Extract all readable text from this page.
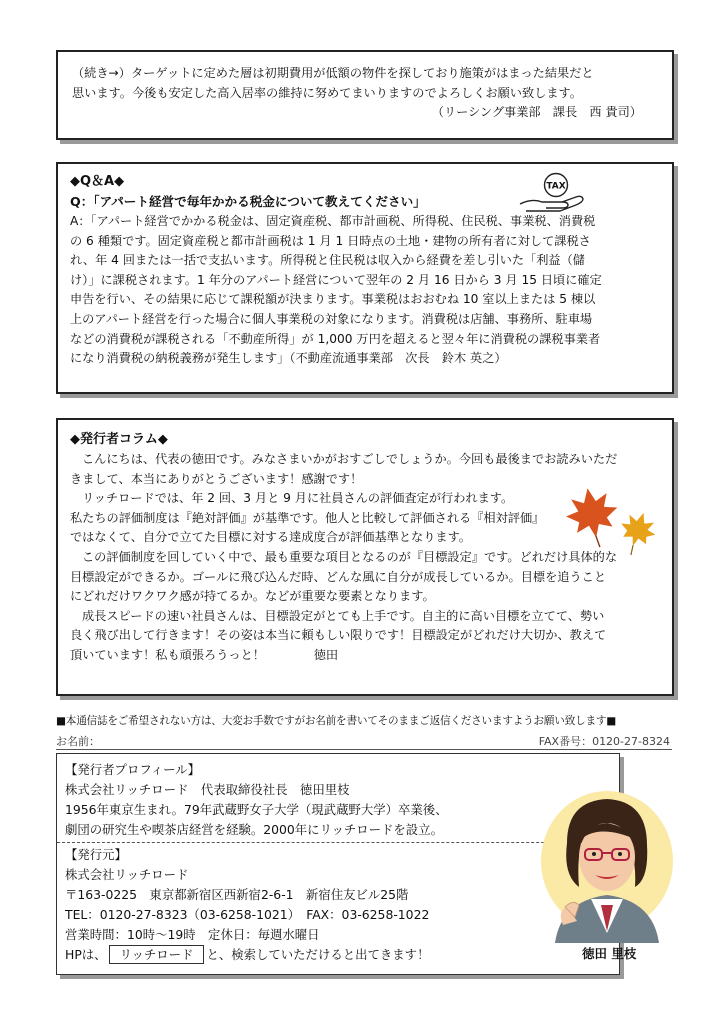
（続き→）ターゲットに定めた層は初期費用が低額の物件を探しており施策がはまった結果だと
思います。今後も安定した高入居率の維持に努めてまいりますのでよろしくお願い致します。
（リーシング事業部　課長　西 貴司）
◆Q＆A◆
Q：「アパート経営で毎年かかる税金について教えてください」
TAX
A：「アパート経営でかかる税金は、固定資産税、都市計画税、所得税、住民税、事業税、消費税
の 6 種類です。固定資産税と都市計画税は 1 月 1 日時点の土地・建物の所有者に対して課税さ
れ、年 4 回または一括で支払います。所得税と住民税は収入から経費を差し引いた「利益（儲
け）」に課税されます。1 年分のアパート経営について翌年の 2 月 16 日から 3 月 15 日頃に確定
申告を行い、その結果に応じて課税額が決まります。事業税はおおむね 10 室以上または 5 棟以
上のアパート経営を行った場合に個人事業税の対象になります。消費税は店舗、事務所、駐車場
などの消費税が課税される「不動産所得」が 1,000 万円を超えると翌々年に消費税の課税事業者
になり消費税の納税義務が発生します」（不動産流通事業部　次長　鈴木 英之）
◆発行者コラム◆
こんにちは、代表の徳田です。みなさまいかがおすごしでしょうか。今回も最後までお読みいただ
きまして、本当にありがとうございます！感謝です！
リッチロードでは、年 2 回、3 月と 9 月に社員さんの評価査定が行われます。
私たちの評価制度は『絶対評価』が基準です。他人と比較して評価される『相対評価』
ではなくて、自分で立てた目標に対する達成度合が評価基準となります。
この評価制度を回していく中で、最も重要な項目となるのが『目標設定』です。どれだけ具体的な
目標設定ができるか。ゴールに飛び込んだ時、どんな風に自分が成長しているか。目標を追うこと
にどれだけワクワク感が持てるか。などが重要な要素となります。
成長スピードの速い社員さんは、目標設定がとても上手です。自主的に高い目標を立てて、勢い
良く飛び出して行きます！その姿は本当に頼もしい限りです！目標設定がどれだけ大切か、教えて
頂いています！私も頑張ろうっと！　　　　徳田
■本通信誌をご希望されない方は、大変お手数ですがお名前を書いてそのままご返信くださいますようお願い致します■
お名前：	FAX番号：0120-27-8324
【発行者プロフィール】
株式会社リッチロード　代表取締役社長　徳田里枝
1956年東京生まれ。79年武蔵野女子大学（現武蔵野大学）卒業後、
劇団の研究生や喫茶店経営を経験。2000年にリッチロードを設立。
【発行元】
株式会社リッチロード
〒163-0225　東京都新宿区西新宿2-6-1　新宿住友ビル25階
TEL：0120-27-8323（03-6258-1021）　FAX：03-6258-1022
営業時間：10時～19時　定休日：毎週水曜日
HPは、 リッチロード と、検索していただけると出てきます！	徳田 里枝
